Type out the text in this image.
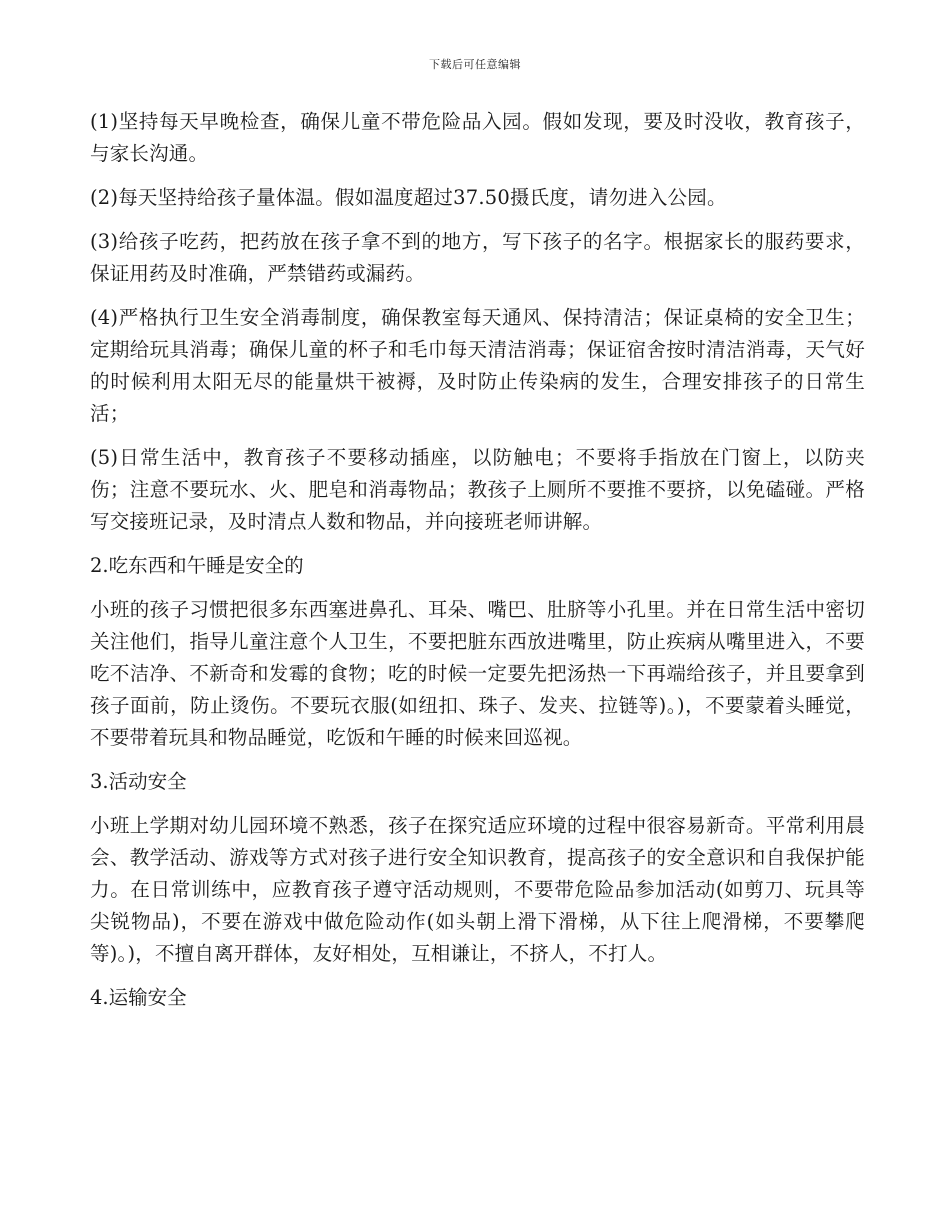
下载后可任意编辑

(1)坚持每天早晚检查，确保儿童不带危险品入园。假如发现，要及时没收，教育孩子，与家长沟通。

(2)每天坚持给孩子量体温。假如温度超过37.50摄氏度，请勿进入公园。

(3)给孩子吃药，把药放在孩子拿不到的地方，写下孩子的名字。根据家长的服药要求，保证用药及时准确，严禁错药或漏药。

(4)严格执行卫生安全消毒制度，确保教室每天通风、保持清洁；保证桌椅的安全卫生；定期给玩具消毒；确保儿童的杯子和毛巾每天清洁消毒；保证宿舍按时清洁消毒，天气好的时候利用太阳无尽的能量烘干被褥，及时防止传染病的发生，合理安排孩子的日常生活；

(5)日常生活中，教育孩子不要移动插座，以防触电；不要将手指放在门窗上，以防夹伤；注意不要玩水、火、肥皂和消毒物品；教孩子上厕所不要推不要挤，以免磕碰。严格写交接班记录，及时清点人数和物品，并向接班老师讲解。

2.吃东西和午睡是安全的

小班的孩子习惯把很多东西塞进鼻孔、耳朵、嘴巴、肚脐等小孔里。并在日常生活中密切关注他们，指导儿童注意个人卫生，不要把脏东西放进嘴里，防止疾病从嘴里进入，不要吃不洁净、不新奇和发霉的食物；吃的时候一定要先把汤热一下再端给孩子，并且要拿到孩子面前，防止烫伤。不要玩衣服(如纽扣、珠子、发夹、拉链等)。)，不要蒙着头睡觉，不要带着玩具和物品睡觉，吃饭和午睡的时候来回巡视。

3.活动安全

小班上学期对幼儿园环境不熟悉，孩子在探究适应环境的过程中很容易新奇。平常利用晨会、教学活动、游戏等方式对孩子进行安全知识教育，提高孩子的安全意识和自我保护能力。在日常训练中，应教育孩子遵守活动规则，不要带危险品参加活动(如剪刀、玩具等尖锐物品)，不要在游戏中做危险动作(如头朝上滑下滑梯，从下往上爬滑梯，不要攀爬等)。)，不擅自离开群体，友好相处，互相谦让，不挤人，不打人。

4.运输安全
